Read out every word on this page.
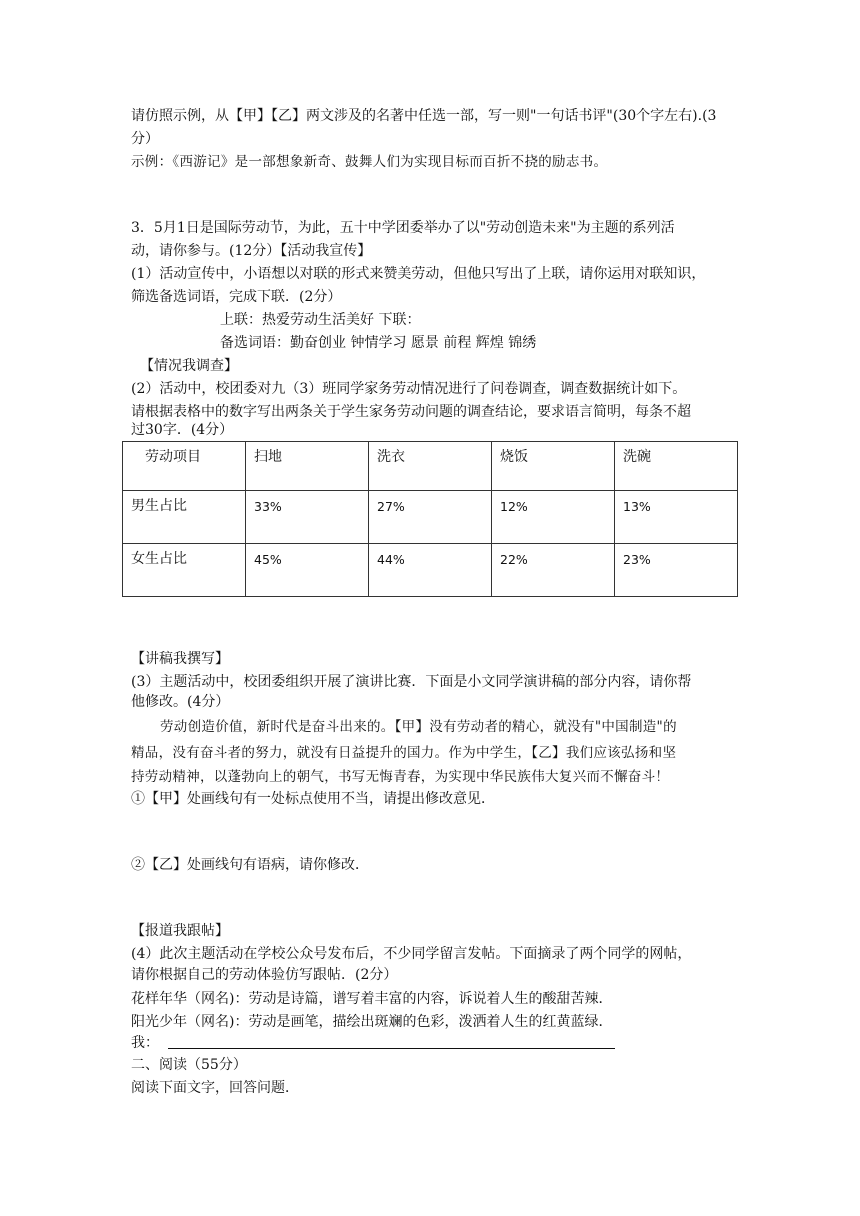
请仿照示例，从【甲】【乙】两文涉及的名著中任选一部，写一则"一句话书评"(30个字左右).(3
分）
示例：《西游记》是一部想象新奇、鼓舞人们为实现目标而百折不挠的励志书。
3．5月1日是国际劳动节，为此，五十中学团委举办了以"劳动创造未来"为主题的系列活
动，请你参与。(12分）【活动我宣传】
(1）活动宣传中，小语想以对联的形式来赞美劳动，但他只写出了上联，请你运用对联知识，
筛选备选词语，完成下联．(2分）
上联：热爱劳动生活美好 下联：
备选词语：勤奋创业 钟情学习 愿景 前程 辉煌 锦绣
【情况我调查】
(2）活动中，校团委对九（3）班同学家务劳动情况进行了问卷调查，调查数据统计如下。
请根据表格中的数字写出两条关于学生家务劳动问题的调查结论，要求语言简明，每条不超
过30字．(4分）
劳动项目	扫地	洗衣	烧饭	洗碗
男生占比	33%	27%	12%	13%
女生占比	45%	44%	22%	23%
【讲稿我撰写】
(3）主题活动中，校团委组织开展了演讲比赛．下面是小文同学演讲稿的部分内容，请你帮
他修改。(4分）
劳动创造价值，新时代是奋斗出来的。【甲】没有劳动者的精心，就没有"中国制造"的
精品，没有奋斗者的努力，就没有日益提升的国力。作为中学生，【乙】我们应该弘扬和坚
持劳动精神，以蓬勃向上的朝气，书写无悔青春，为实现中华民族伟大复兴而不懈奋斗！
①【甲】处画线句有一处标点使用不当，请提出修改意见．
②【乙】处画线句有语病，请你修改．
【报道我跟帖】
(4）此次主题活动在学校公众号发布后，不少同学留言发帖。下面摘录了两个同学的网帖，
请你根据自己的劳动体验仿写跟帖．(2分）
花样年华（网名)：劳动是诗篇，谱写着丰富的内容，诉说着人生的酸甜苦辣．
阳光少年（网名)：劳动是画笔，描绘出斑斓的色彩，泼洒着人生的红黄蓝绿．
我：
二、阅读（55分）
阅读下面文字，回答问题．
